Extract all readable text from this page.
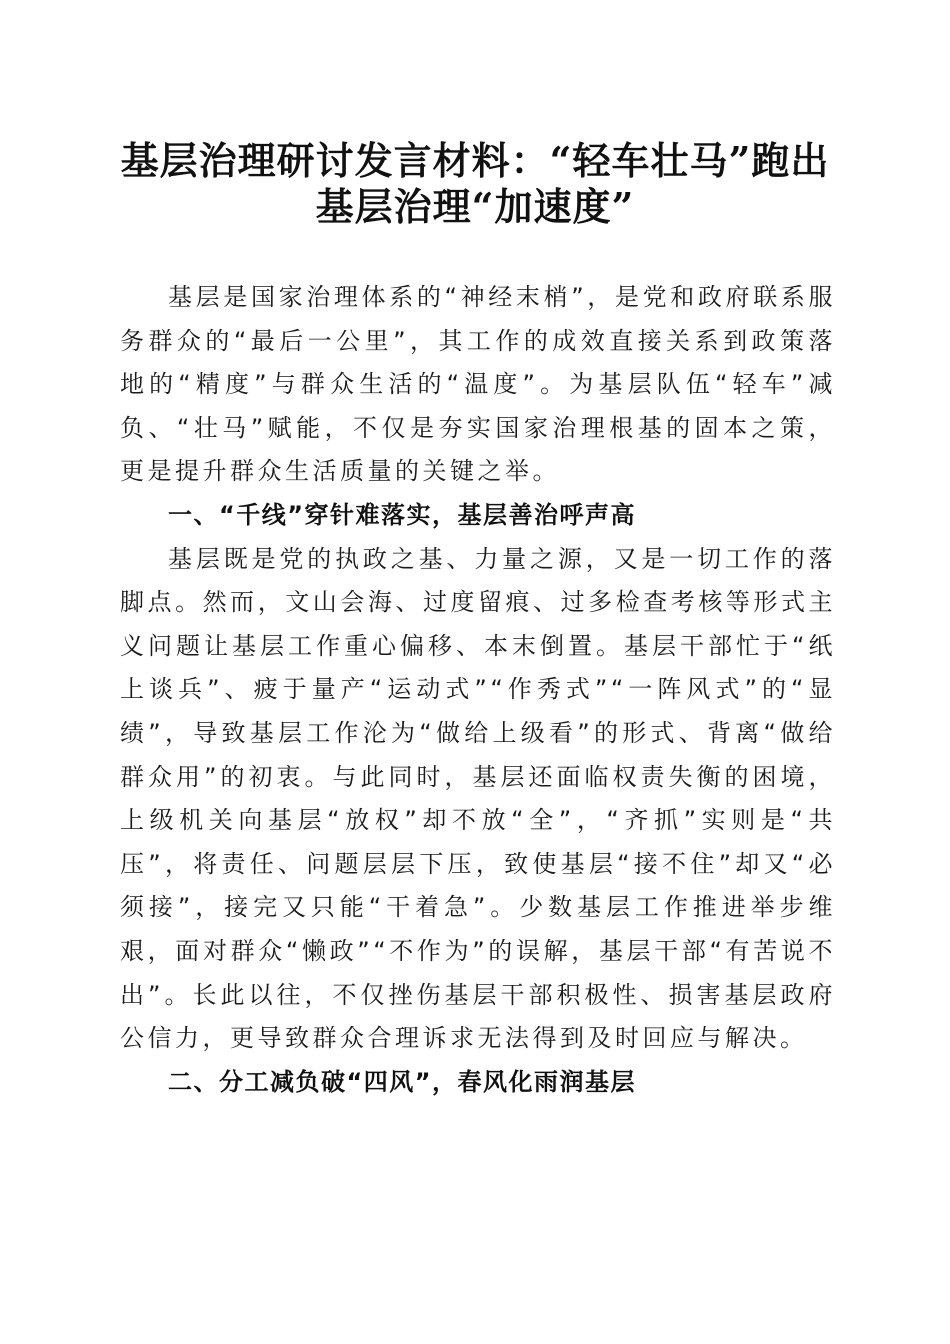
基层治理研讨发言材料：“轻车壮马”跑出基层治理“加速度”

基层是国家治理体系的“神经末梢”，是党和政府联系服务群众的“最后一公里”，其工作的成效直接关系到政策落地的“精度”与群众生活的“温度”。为基层队伍“轻车”减负、“壮马”赋能，不仅是夯实国家治理根基的固本之策，更是提升群众生活质量的关键之举。

一、“千线”穿针难落实，基层善治呼声高

基层既是党的执政之基、力量之源，又是一切工作的落脚点。然而，文山会海、过度留痕、过多检查考核等形式主义问题让基层工作重心偏移、本末倒置。基层干部忙于“纸上谈兵”、疲于量产“运动式”“作秀式”“一阵风式”的“显绩”，导致基层工作沦为“做给上级看”的形式、背离“做给群众用”的初衷。与此同时，基层还面临权责失衡的困境，上级机关向基层“放权”却不放“全”，“齐抓”实则是“共压”，将责任、问题层层下压，致使基层“接不住”却又“必须接”，接完又只能“干着急”。少数基层工作推进举步维艰，面对群众“懒政”“不作为”的误解，基层干部“有苦说不出”。长此以往，不仅挫伤基层干部积极性、损害基层政府公信力，更导致群众合理诉求无法得到及时回应与解决。

二、分工减负破“四风”，春风化雨润基层
